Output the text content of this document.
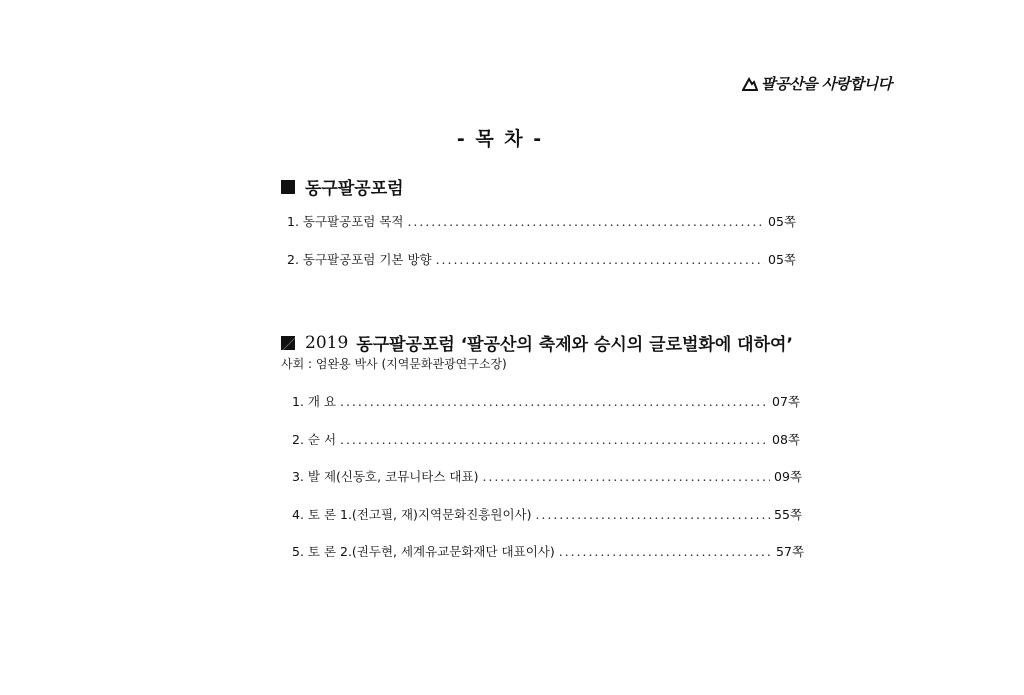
팔공산을 사랑합니다
- 목 차 -
동구팔공포럼
1. 동구팔공포럼 목적 . . .	05쪽
2. 동구팔공포럼 기본 방향 . . .	05쪽
2019 동구팔공포럼 ‘팔공산의 축제와 승시의 글로벌화에 대하여’
사회 : 엄완용 박사 (지역문화관광연구소장)
1. 개 요 . . .	07쪽
2. 순 서 . . .	08쪽
3. 발 제(신동호, 코뮤니타스 대표) . . .	09쪽
4. 토 론 1.(전고필, 재)지역문화진흥원이사) . . .	55쪽
5. 토 론 2.(권두현, 세계유교문화재단 대표이사) . . .	57쪽
